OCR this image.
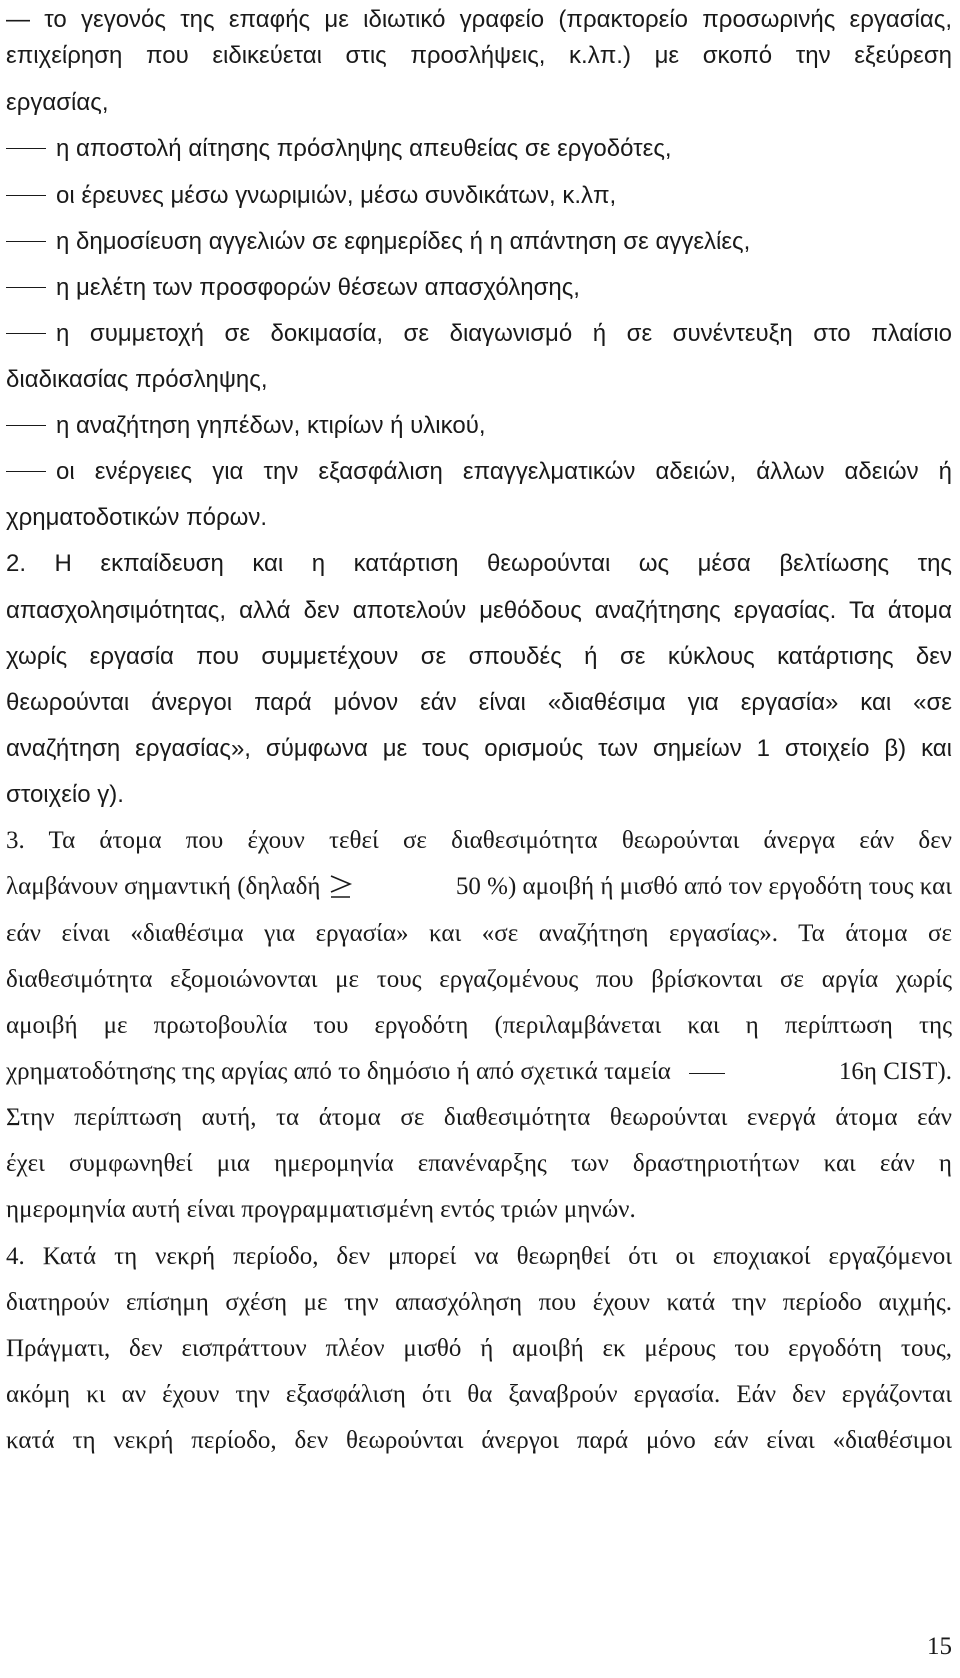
— το γεγονός της επαφής με ιδιωτικό γραφείο (πρακτορείο προσωρινής εργασίας,
επιχείρηση που ειδικεύεται στις προσλήψεις, κ.λπ.) με σκοπό την εξεύρεση
εργασίας,
η αποστολή αίτησης πρόσληψης απευθείας σε εργοδότες,
οι έρευνες μέσω γνωριμιών, μέσω συνδικάτων, κ.λπ,
η δημοσίευση αγγελιών σε εφημερίδες ή η απάντηση σε αγγελίες,
η μελέτη των προσφορών θέσεων απασχόλησης,
η συμμετοχή σε δοκιμασία, σε διαγωνισμό ή σε συνέντευξη στο πλαίσιο
διαδικασίας πρόσληψης,
η αναζήτηση γηπέδων, κτιρίων ή υλικού,
οι ενέργειες για την εξασφάλιση επαγγελματικών αδειών, άλλων αδειών ή
χρηματοδοτικών πόρων.
2. Η εκπαίδευση και η κατάρτιση θεωρούνται ως μέσα βελτίωσης της
απασχολησιμότητας, αλλά δεν αποτελούν μεθόδους αναζήτησης εργασίας. Τα άτομα
χωρίς εργασία που συμμετέχουν σε σπουδές ή σε κύκλους κατάρτισης δεν
θεωρούνται άνεργοι παρά μόνον εάν είναι «διαθέσιμα για εργασία» και «σε
αναζήτηση εργασίας», σύμφωνα με τους ορισμούς των σημείων 1 στοιχείο β) και
στοιχείο γ).
3. Τα άτομα που έχουν τεθεί σε διαθεσιμότητα θεωρούνται άνεργα εάν δεν
λαμβάνουν σημαντική (δηλαδή	50 %) αμοιβή ή μισθό από τον εργοδότη τους και
εάν είναι «διαθέσιμα για εργασία» και «σε αναζήτηση εργασίας». Τα άτομα σε
διαθεσιμότητα εξομοιώνονται με τους εργαζομένους που βρίσκονται σε αργία χωρίς
αμοιβή με πρωτοβουλία του εργοδότη (περιλαμβάνεται και η περίπτωση της
χρηματοδότησης της αργίας από το δημόσιο ή από σχετικά ταμεία	16η CIST).
Στην περίπτωση αυτή, τα άτομα σε διαθεσιμότητα θεωρούνται ενεργά άτομα εάν
έχει συμφωνηθεί μια ημερομηνία επανέναρξης των δραστηριοτήτων και εάν η
ημερομηνία αυτή είναι προγραμματισμένη εντός τριών μηνών.
4. Κατά τη νεκρή περίοδο, δεν μπορεί να θεωρηθεί ότι οι εποχιακοί εργαζόμενοι
διατηρούν επίσημη σχέση με την απασχόληση που έχουν κατά την περίοδο αιχμής.
Πράγματι, δεν εισπράττουν πλέον μισθό ή αμοιβή εκ μέρους του εργοδότη τους,
ακόμη κι αν έχουν την εξασφάλιση ότι θα ξαναβρούν εργασία. Εάν δεν εργάζονται
κατά τη νεκρή περίοδο, δεν θεωρούνται άνεργοι παρά μόνο εάν είναι «διαθέσιμοι
15
